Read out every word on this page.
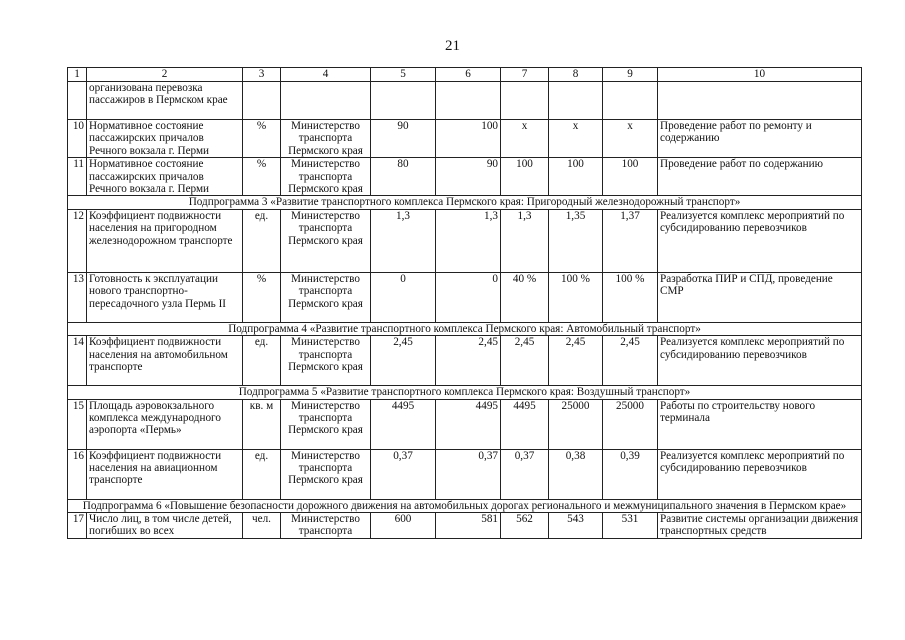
21
1	2	3	4	5	6	7	8	9	10
	организована перевозка пассажиров в Пермском крае								
10	Нормативное состояние пассажирских причалов Речного вокзала г. Перми	%	Министерство транспорта Пермского края	90	100	х	х	х	Проведение работ по ремонту и содержанию
11	Нормативное состояние пассажирских причалов Речного вокзала г. Перми	%	Министерство транспорта Пермского края	80	90	100	100	100	Проведение работ по содержанию
Подпрограмма 3 «Развитие транспортного комплекса Пермского края: Пригородный железнодорожный транспорт»									
12	Коэффициент подвижности населения на пригородном железнодорожном транспорте	ед.	Министерство транспорта Пермского края	1,3	1,3	1,3	1,35	1,37	Реализуется комплекс мероприятий по субсидированию перевозчиков
13	Готовность к эксплуатации нового транспортно-пересадочного узла Пермь II	%	Министерство транспорта Пермского края	0	0	40 %	100 %	100 %	Разработка ПИР и СПД, проведение СМР
Подпрограмма 4 «Развитие транспортного комплекса Пермского края: Автомобильный транспорт»									
14	Коэффициент подвижности населения на автомобильном транспорте	ед.	Министерство транспорта Пермского края	2,45	2,45	2,45	2,45	2,45	Реализуется комплекс мероприятий по субсидированию перевозчиков
Подпрограмма 5 «Развитие транспортного комплекса Пермского края: Воздушный транспорт»									
15	Площадь аэровокзального комплекса международного аэропорта «Пермь»	кв. м	Министерство транспорта Пермского края	4495	4495	4495	25000	25000	Работы по строительству нового терминала
16	Коэффициент подвижности населения на авиационном транспорте	ед.	Министерство транспорта Пермского края	0,37	0,37	0,37	0,38	0,39	Реализуется комплекс мероприятий по субсидированию перевозчиков
Подпрограмма 6 «Повышение безопасности дорожного движения на автомобильных дорогах регионального и межмуниципального значения в Пермском крае»									
17	Число лиц, в том числе детей, погибших во всех	чел.	Министерство транспорта	600	581	562	543	531	Развитие системы организации движения транспортных средств
